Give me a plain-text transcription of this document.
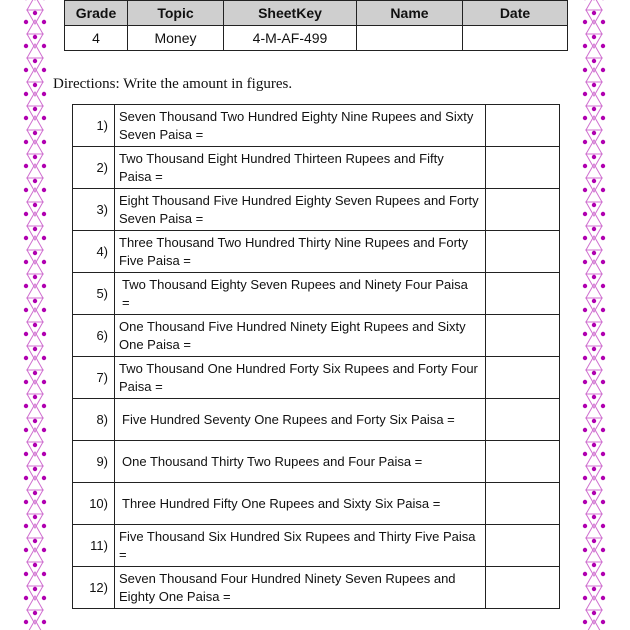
Grade	Topic	SheetKey	Name	Date
4	Money	4-M-AF-499		
Directions: Write the amount in figures.
1)	Seven Thousand Two Hundred Eighty Nine Rupees and Sixty Seven Paisa =	
2)	Two Thousand Eight Hundred Thirteen Rupees and Fifty Paisa =	
3)	Eight Thousand Five Hundred Eighty Seven Rupees and Forty Seven Paisa =	
4)	Three Thousand Two Hundred Thirty Nine Rupees and Forty Five Paisa =	
5)	Two Thousand Eighty Seven Rupees and Ninety Four Paisa =	
6)	One Thousand Five Hundred Ninety Eight Rupees and Sixty One Paisa =	
7)	Two Thousand One Hundred Forty Six Rupees and Forty Four Paisa =	
8)	Five Hundred Seventy One Rupees and Forty Six Paisa =	
9)	One Thousand Thirty Two Rupees and Four Paisa =	
10)	Three Hundred Fifty One Rupees and Sixty Six Paisa =	
11)	Five Thousand Six Hundred Six Rupees and Thirty Five Paisa =	
12)	Seven Thousand Four Hundred Ninety Seven Rupees and Eighty One Paisa =	
